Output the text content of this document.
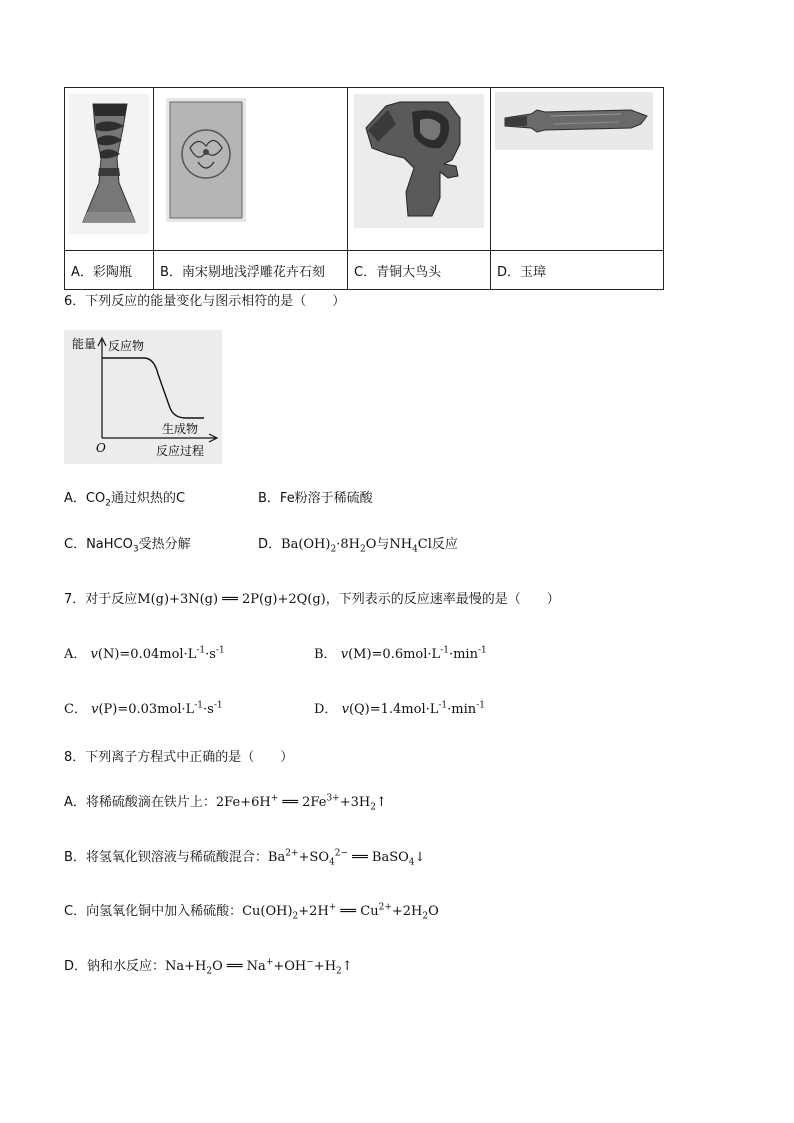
A．彩陶瓶	B．南宋剔地浅浮雕花卉石刻	C．青铜大鸟头	D．玉璋
6．下列反应的能量变化与图示相符的是（　　）
能量 反应物
生成物
O	反应过程
A．$CO_2$通过炽热的C	B．Fe粉溶于稀硫酸
C．NaHCO$_3$受热分解	D．$Ba(OH)_2\cdot 8H_2O$与$NH_4Cl$反应
7．对于反应M(g)+3N(g) ══ 2P(g)+2Q(g)，下列表示的反应速率最慢的是（　　）
A． $v(N)=0.04mol\cdot L^{-1}\cdot s^{-1}$	B． $v(M)=0.6mol\cdot L^{-1}\cdot\min^{-1}$
C． $v(P)=0.03mol\cdot L^{-1}\cdot s^{-1}$	D． $v(Q)=1.4mol\cdot L^{-1}\cdot\min^{-1}$
8．下列离子方程式中正确的是（　　）
A．将稀硫酸滴在铁片上：2Fe+6H+ ══ $2Fe^{3+}+3H_2↑$
B．将氢氧化钡溶液与稀硫酸混合：$Ba^{2+}+SO_4^{2-}$ ══ BaSO$_4$↓
C．向氢氧化铜中加入稀硫酸：$Cu(OH)_2+2H^+$ ══ $Cu^{2+}+2H_2O$
D．钠和水反应：$Na+H_2O$ ══ $Na^++OH^-+H_2↑$
